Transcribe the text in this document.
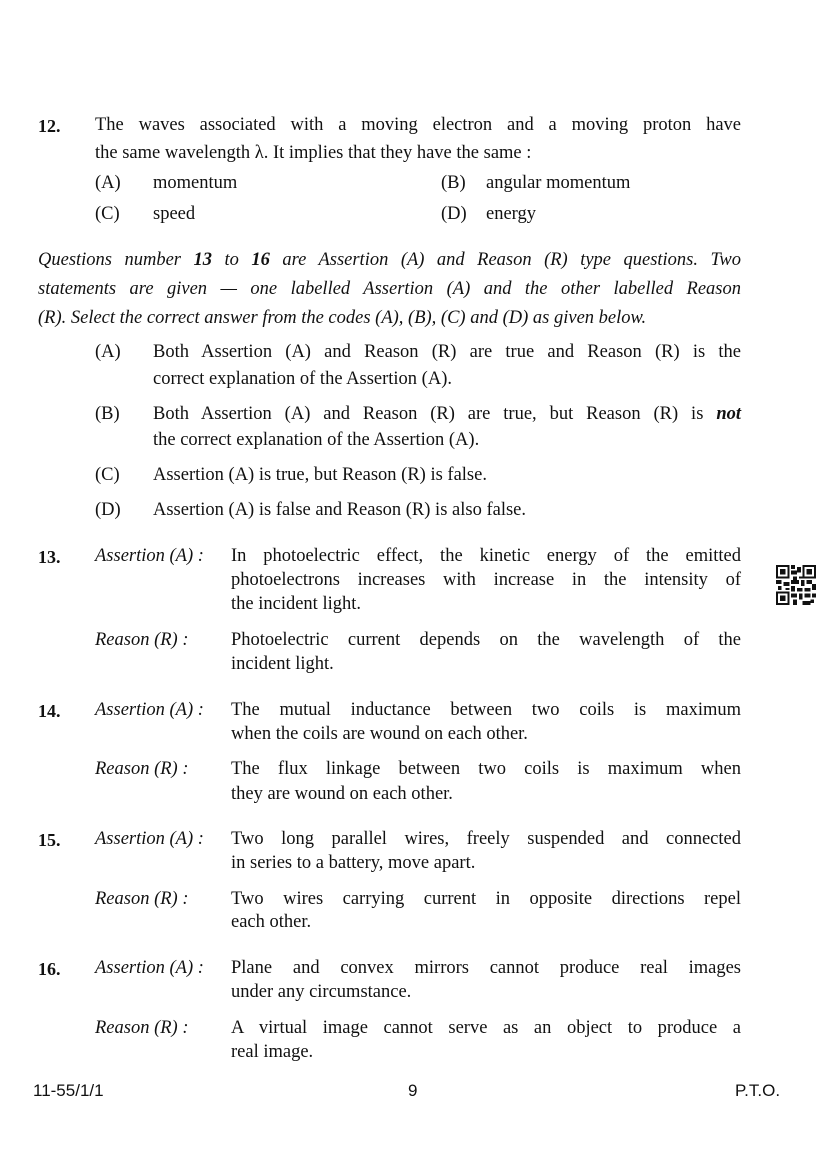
12. The waves associated with a moving electron and a moving proton have
the same wavelength λ. It implies that they have the same :
(A) momentum	(B) angular momentum
(C) speed	(D) energy
Questions number 13 to 16 are Assertion (A) and Reason (R) type questions. Two
statements are given — one labelled Assertion (A) and the other labelled Reason
(R). Select the correct answer from the codes (A), (B), (C) and (D) as given below.
(A) Both Assertion (A) and Reason (R) are true and Reason (R) is the
correct explanation of the Assertion (A).
(B) Both Assertion (A) and Reason (R) are true, but Reason (R) is not
the correct explanation of the Assertion (A).
(C) Assertion (A) is true, but Reason (R) is false.
(D) Assertion (A) is false and Reason (R) is also false.
13. Assertion (A) : In photoelectric effect, the kinetic energy of the emitted
photoelectrons increases with increase in the intensity of
the incident light.
Reason (R) : Photoelectric current depends on the wavelength of the
incident light.
14. Assertion (A) : The mutual inductance between two coils is maximum
when the coils are wound on each other.
Reason (R) : The flux linkage between two coils is maximum when
they are wound on each other.
15. Assertion (A) : Two long parallel wires, freely suspended and connected
in series to a battery, move apart.
Reason (R) : Two wires carrying current in opposite directions repel
each other.
16. Assertion (A) : Plane and convex mirrors cannot produce real images
under any circumstance.
Reason (R) : A virtual image cannot serve as an object to produce a
real image.
11-55/1/1	9	P.T.O.
